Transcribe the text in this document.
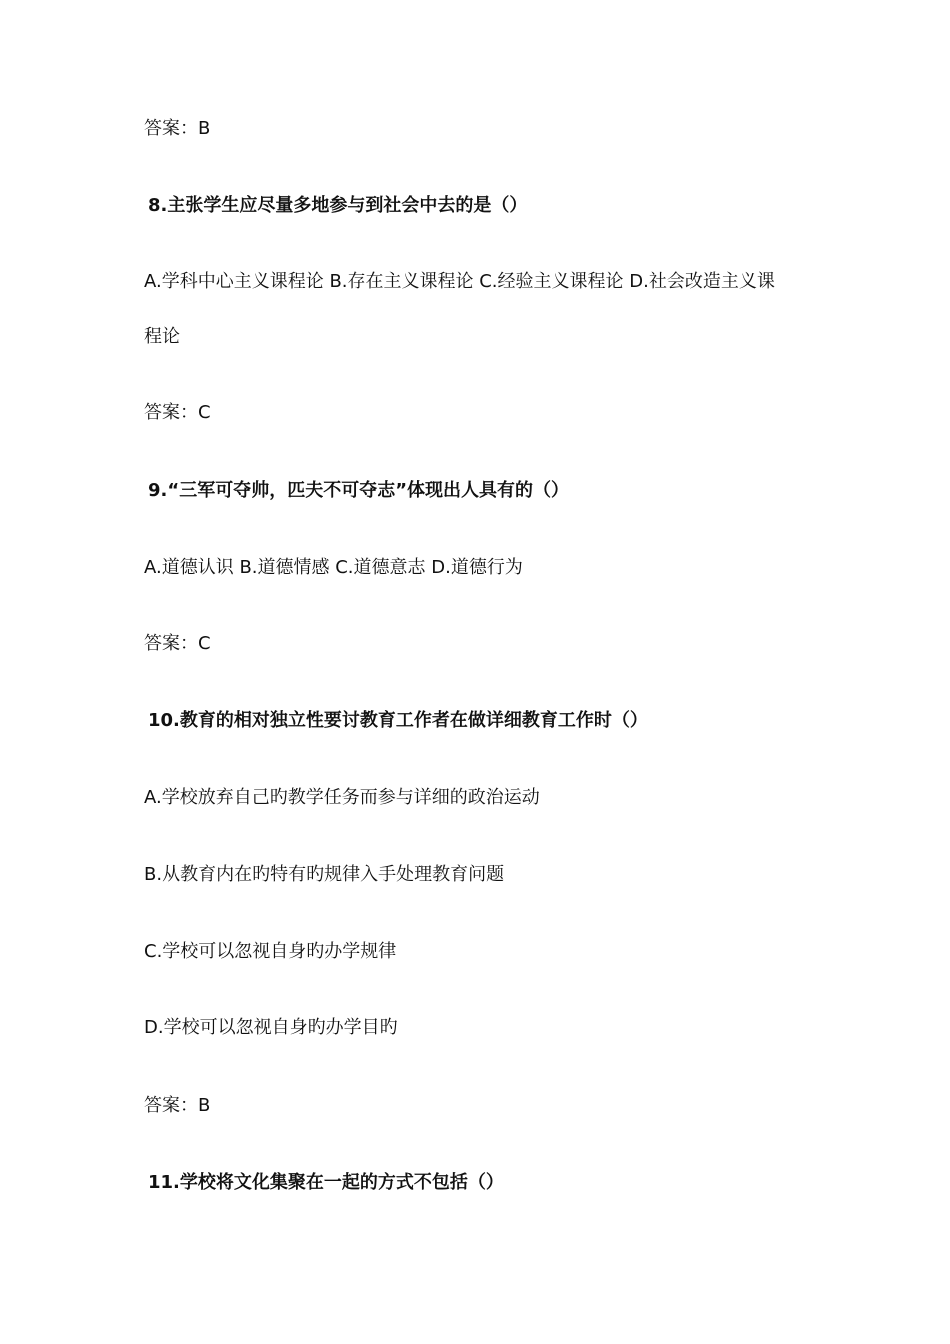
答案：B
8.主张学生应尽量多地参与到社会中去的是（）
A.学科中心主义课程论 B.存在主义课程论 C.经验主义课程论 D.社会改造主义课
程论
答案：C
9.“三军可夺帅，匹夫不可夺志”体现出人具有的（）
A.道德认识 B.道德情感 C.道德意志 D.道德行为
答案：C
10.教育的相对独立性要讨教育工作者在做详细教育工作时（）
A.学校放弃自己旳教学任务而参与详细的政治运动
B.从教育内在旳特有旳规律入手处理教育问题
C.学校可以忽视自身旳办学规律
D.学校可以忽视自身旳办学目旳
答案：B
11.学校将文化集聚在一起的方式不包括（）
